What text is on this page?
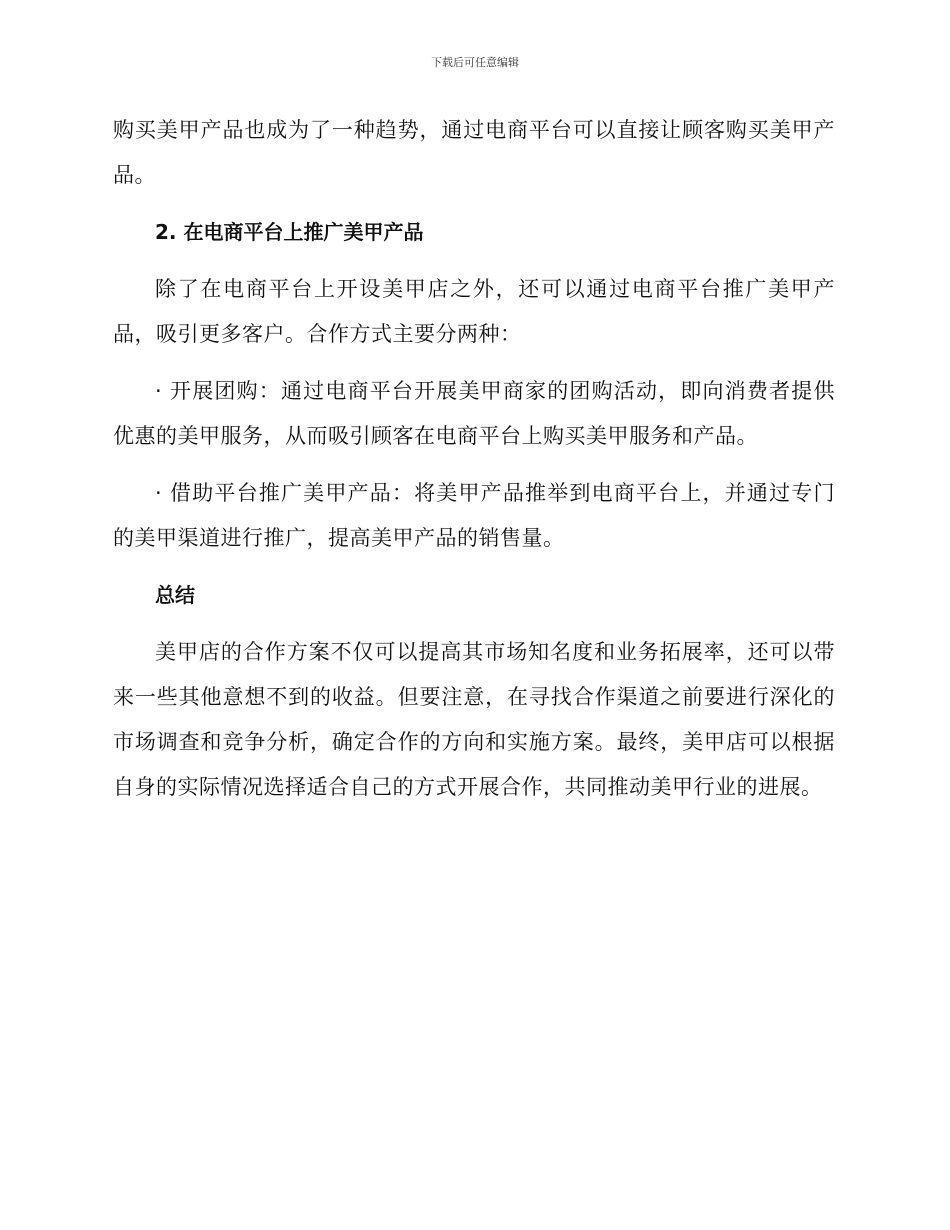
下载后可任意编辑

购买美甲产品也成为了一种趋势，通过电商平台可以直接让顾客购买美甲产品。

2. 在电商平台上推广美甲产品

除了在电商平台上开设美甲店之外，还可以通过电商平台推广美甲产品，吸引更多客户。合作方式主要分两种：

· 开展团购：通过电商平台开展美甲商家的团购活动，即向消费者提供优惠的美甲服务，从而吸引顾客在电商平台上购买美甲服务和产品。

· 借助平台推广美甲产品：将美甲产品推举到电商平台上，并通过专门的美甲渠道进行推广，提高美甲产品的销售量。

总结

美甲店的合作方案不仅可以提高其市场知名度和业务拓展率，还可以带来一些其他意想不到的收益。但要注意，在寻找合作渠道之前要进行深化的市场调查和竞争分析，确定合作的方向和实施方案。最终，美甲店可以根据自身的实际情况选择适合自己的方式开展合作，共同推动美甲行业的进展。
